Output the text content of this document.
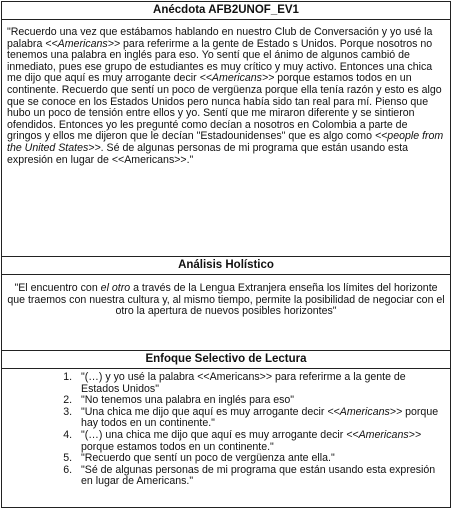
Anécdota AFB2UNOF_EV1
"Recuerdo una vez que estábamos hablando en nuestro Club de Conversación y yo usé la palabra <<Americans>> para referirme a la gente de Estado s Unidos. Porque nosotros no tenemos una palabra en inglés para eso. Yo sentí que el ánimo de algunos cambió de inmediato, pues ese grupo de estudiantes es muy crítico y muy activo. Entonces una chica me dijo que aquí es muy arrogante decir <<Americans>> porque estamos todos en un continente. Recuerdo que sentí un poco de vergüenza porque ella tenía razón y esto es algo que se conoce en los Estados Unidos pero nunca había sido tan real para mí. Pienso que hubo un poco de tensión entre ellos y yo. Sentí que me miraron diferente y se sintieron ofendidos. Entonces yo les pregunté como decían a nosotros en Colombia a parte de gringos y ellos me dijeron que le decían "Estadounidenses" que es algo como <<people from the United States>>. Sé de algunas personas de mi programa que están usando esta expresión en lugar de <<Americans>>."
Análisis Holístico
"El encuentro con el otro a través de la Lengua Extranjera enseña los límites del horizonte que traemos con nuestra cultura y, al mismo tiempo, permite la posibilidad de negociar con el otro la apertura de nuevos posibles horizontes"
Enfoque Selectivo de Lectura
1. "(…) y yo usé la palabra <<Americans>> para referirme a la gente de Estados Unidos"
2. "No tenemos una palabra en inglés para eso"
3. "Una chica me dijo que aquí es muy arrogante decir <<Americans>> porque hay todos en un continente."
4. "(…) una chica me dijo que aquí es muy arrogante decir <<Americans>> porque estamos todos en un continente."
5. "Recuerdo que sentí un poco de vergüenza ante ella."
6. "Sé de algunas personas de mi programa que están usando esta expresión en lugar de Americans."
